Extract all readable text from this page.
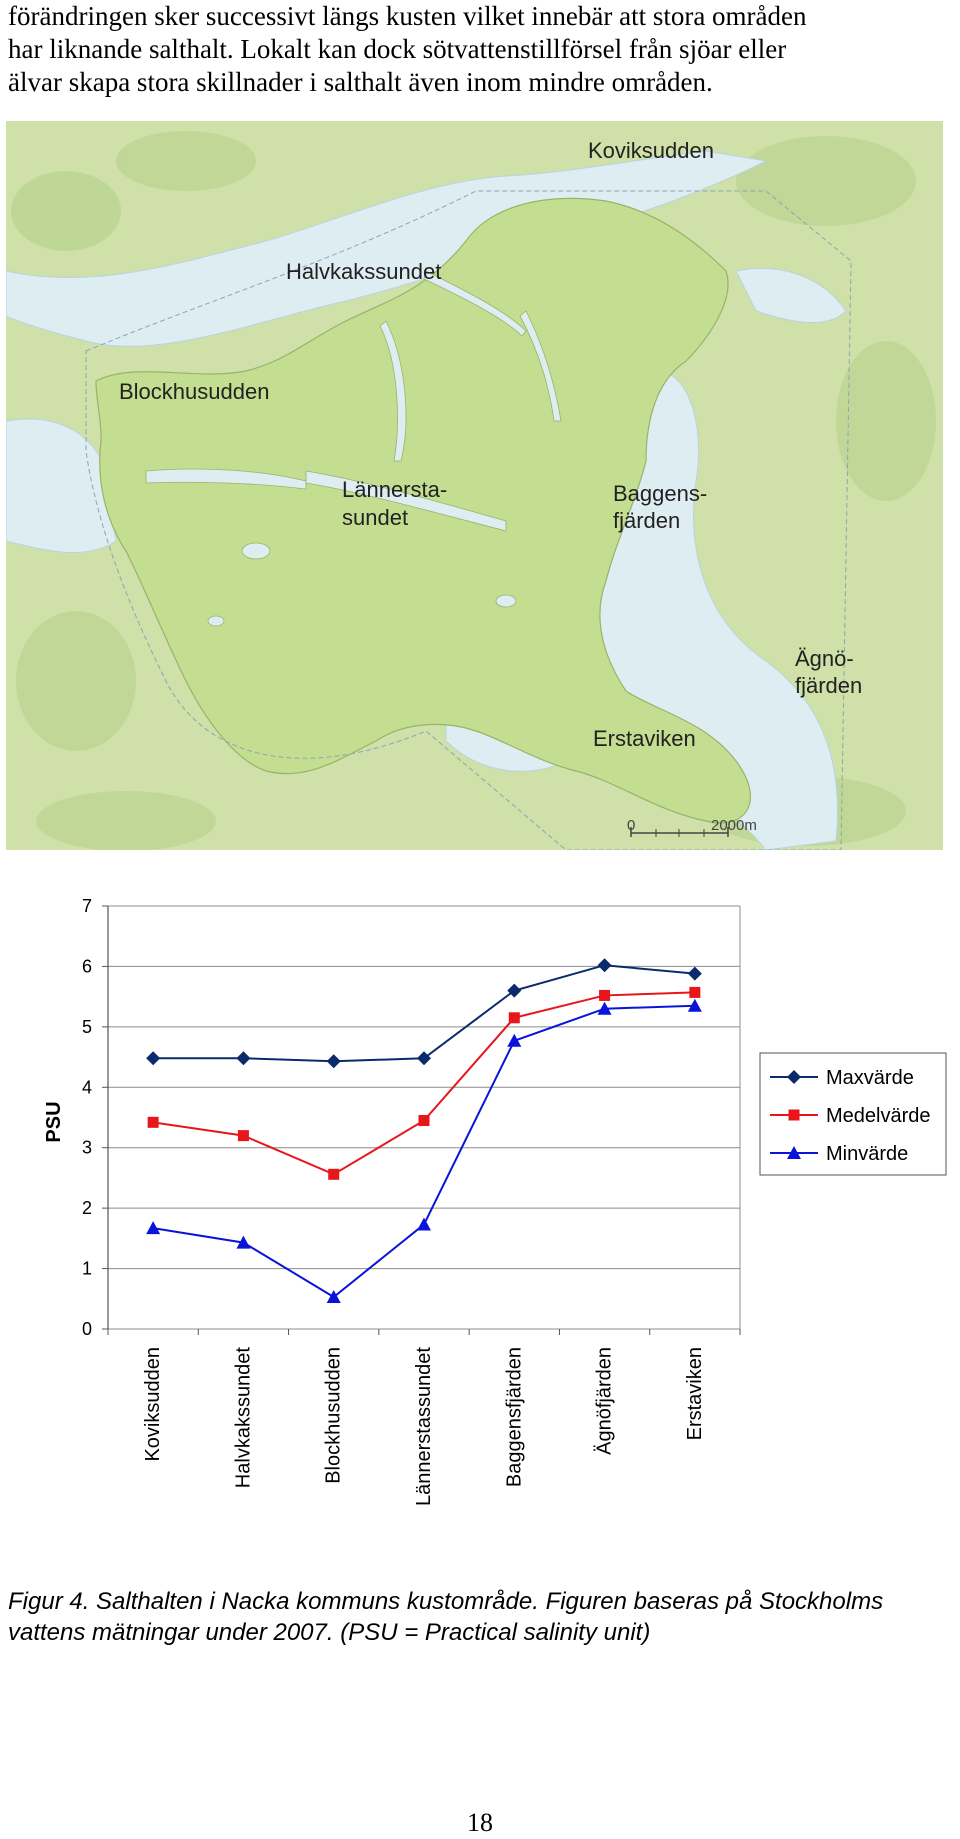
förändringen sker successivt längs kusten vilket innebär att stora områden

har liknande salthalt. Lokalt kan dock sötvattenstillförsel från sjöar eller

älvar skapa stora skillnader i salthalt även inom mindre områden.

Koviksudden
Halvkakssundet
Blockhusudden
Lännersta-
sundet
Baggens-
fjärden
Ägnö-
fjärden
Erstaviken
0	2000m
0
1
2
3
4
5
6
7
PSU
Koviksudden	Halvkakssundet	Blockhusudden	Lännerstassundet	Baggensfjärden	Ägnöfjärden	Erstaviken
Maxvärde
Medelvärde
Minvärde
Figur 4. Salthalten i Nacka kommuns kustområde. Figuren baseras på Stockholms
vattens mätningar under 2007. (PSU = Practical salinity unit)
18
